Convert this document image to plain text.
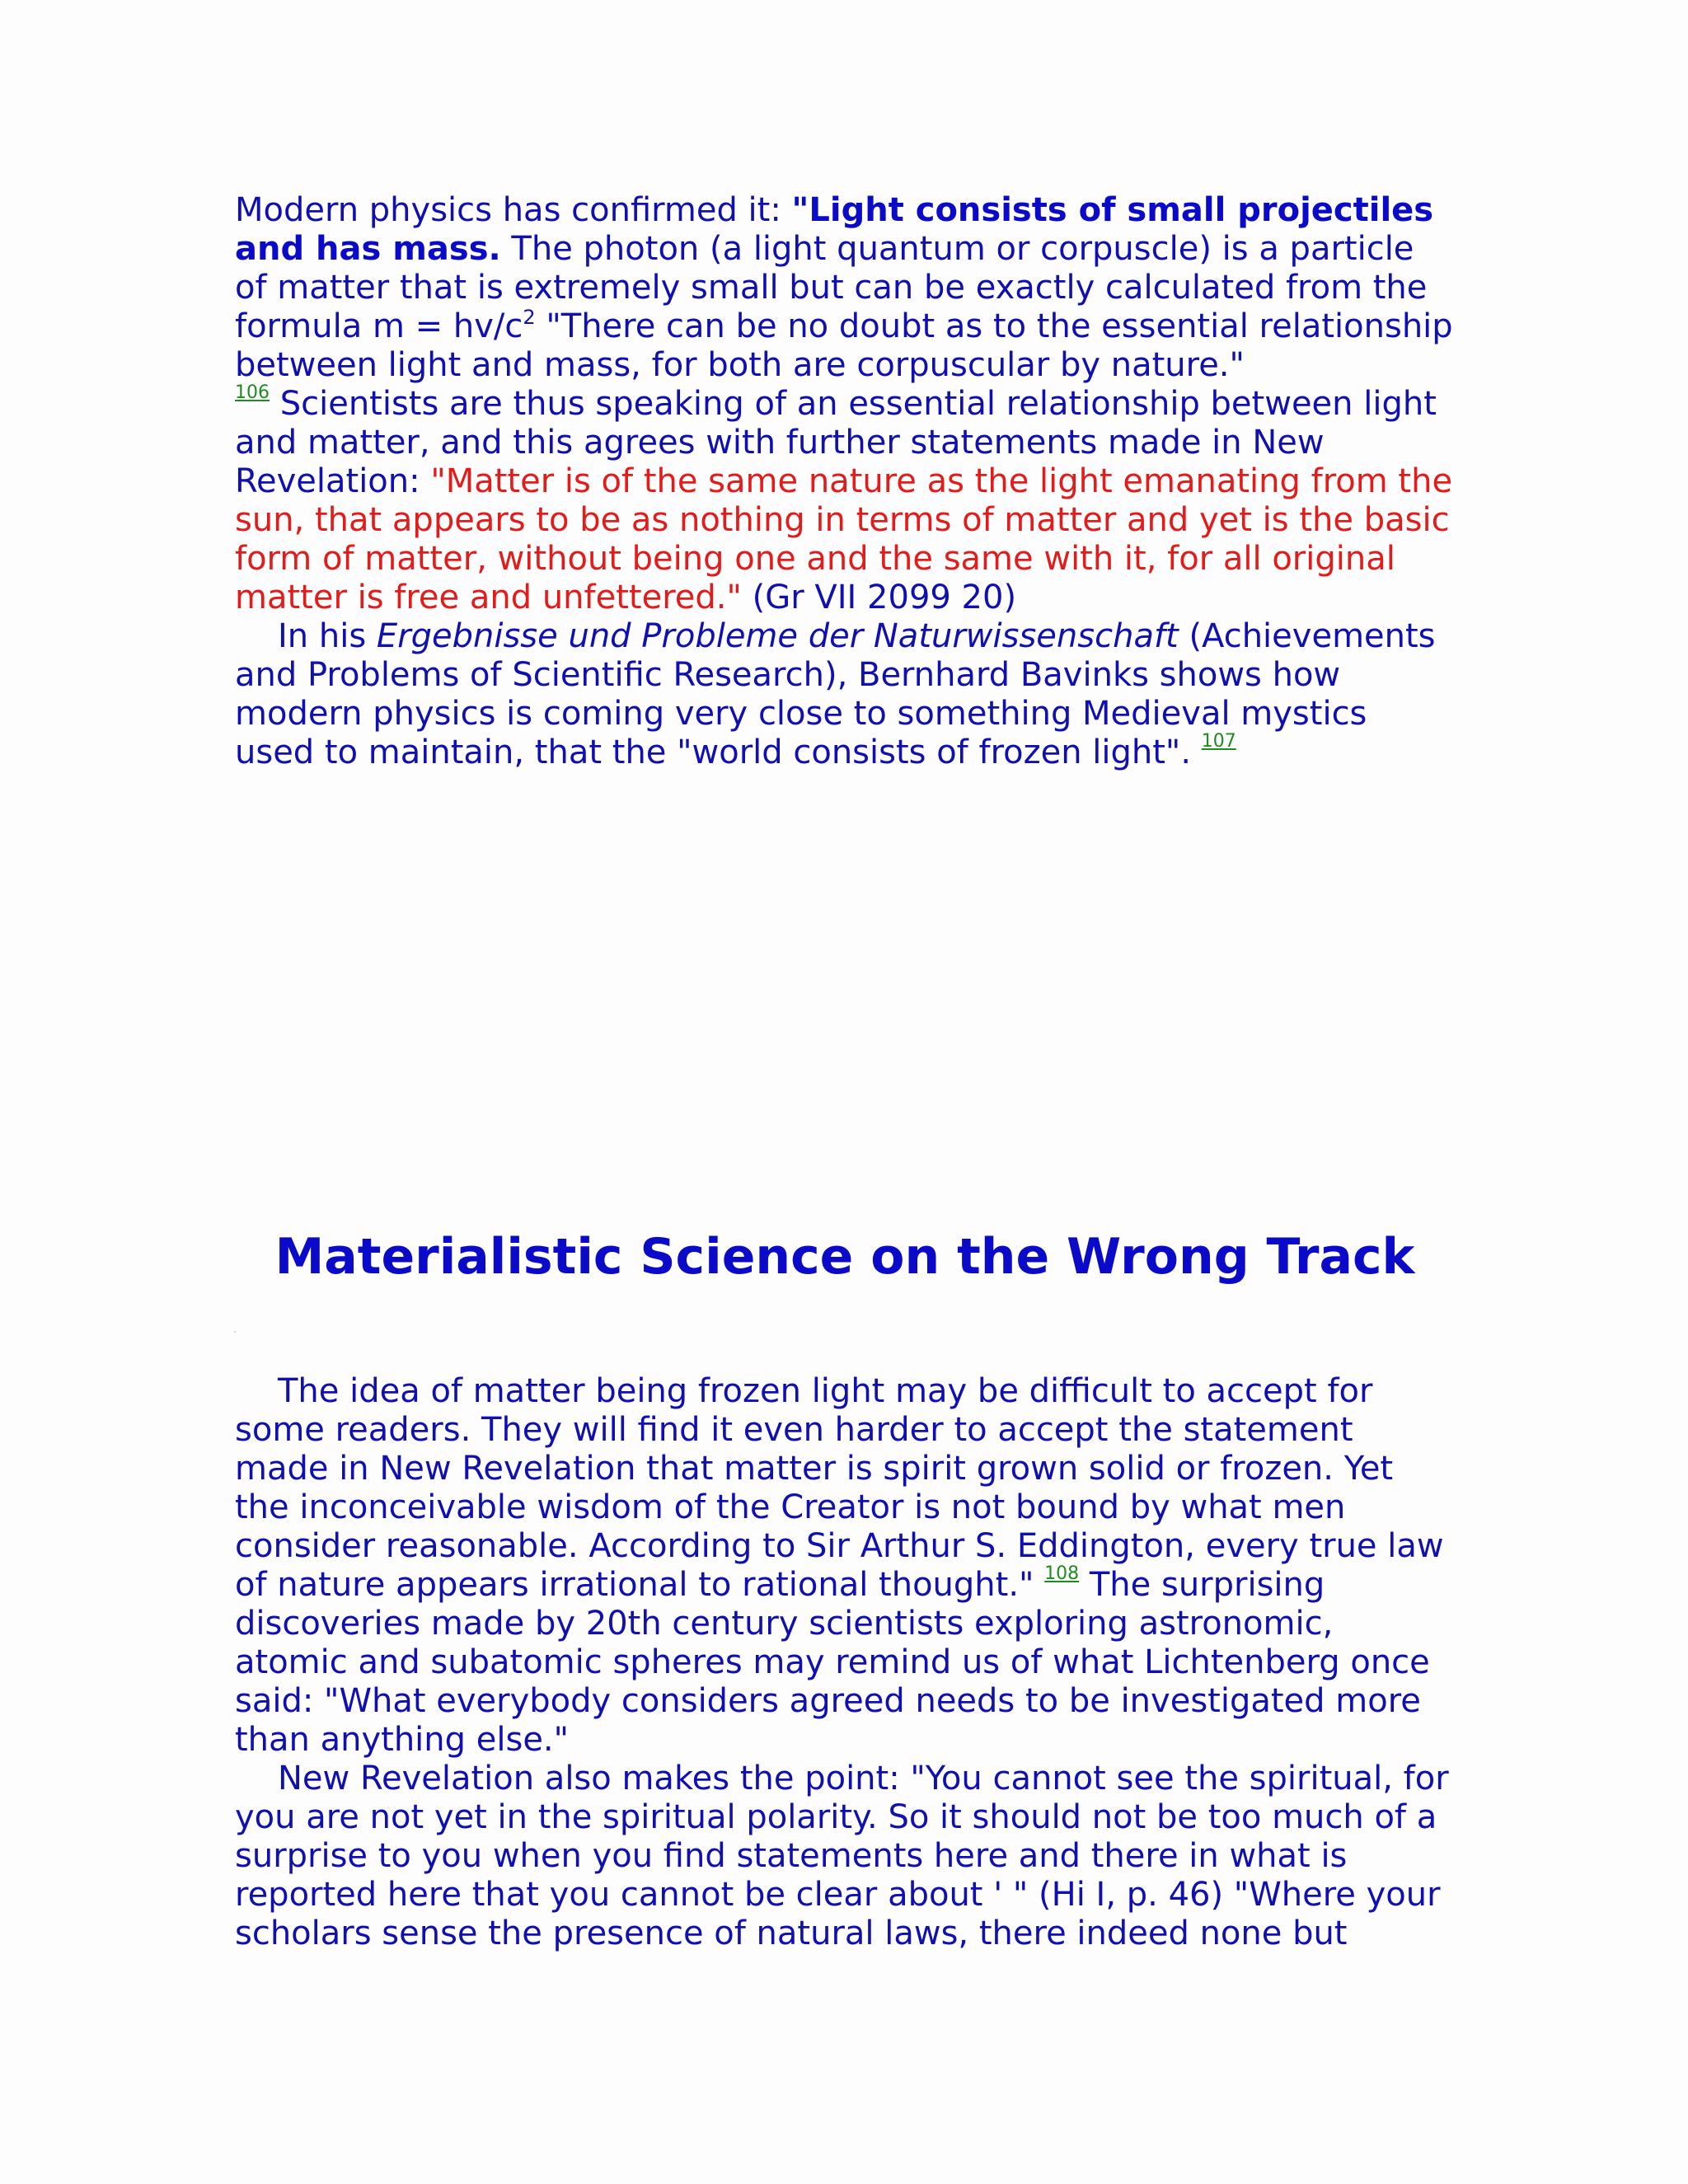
Modern physics has confirmed it: "Light consists of small projectiles and has mass. The photon (a light quantum or corpuscle) is a particle of matter that is extremely small but can be exactly calculated from the formula $m = hv/c^2$ "There can be no doubt as to the essential relationship between light and mass, for both are corpuscular by nature."
$^{106}$ Scientists are thus speaking of an essential relationship between light and matter, and this agrees with further statements made in New Revelation: "Matter is of the same nature as the light emanating from the sun, that appears to be as nothing in terms of matter and yet is the basic form of matter, without being one and the same with it, for all original matter is free and unfettered." (Gr VII 2099 20)

In his Ergebnisse und Probleme der Naturwissenschaft (Achievements and Problems of Scientific Research), Bernhard Bavinks shows how modern physics is coming very close to something Medieval mystics used to maintain, that the "world consists of frozen light". $^{107}$

Materialistic Science on the Wrong Track

The idea of matter being frozen light may be difficult to accept for some readers. They will find it even harder to accept the statement made in New Revelation that matter is spirit grown solid or frozen. Yet the inconceivable wisdom of the Creator is not bound by what men consider reasonable. According to Sir Arthur S. Eddington, every true law of nature appears irrational to rational thought." $^{108}$ The surprising discoveries made by 20th century scientists exploring astronomic, atomic and subatomic spheres may remind us of what Lichtenberg once said: "What everybody considers agreed needs to be investigated more than anything else."

New Revelation also makes the point: "You cannot see the spiritual, for you are not yet in the spiritual polarity. So it should not be too much of a surprise to you when you find statements here and there in what is reported here that you cannot be clear about ' " (Hi I, p. 46) "Where your scholars sense the presence of natural laws, there indeed none but
